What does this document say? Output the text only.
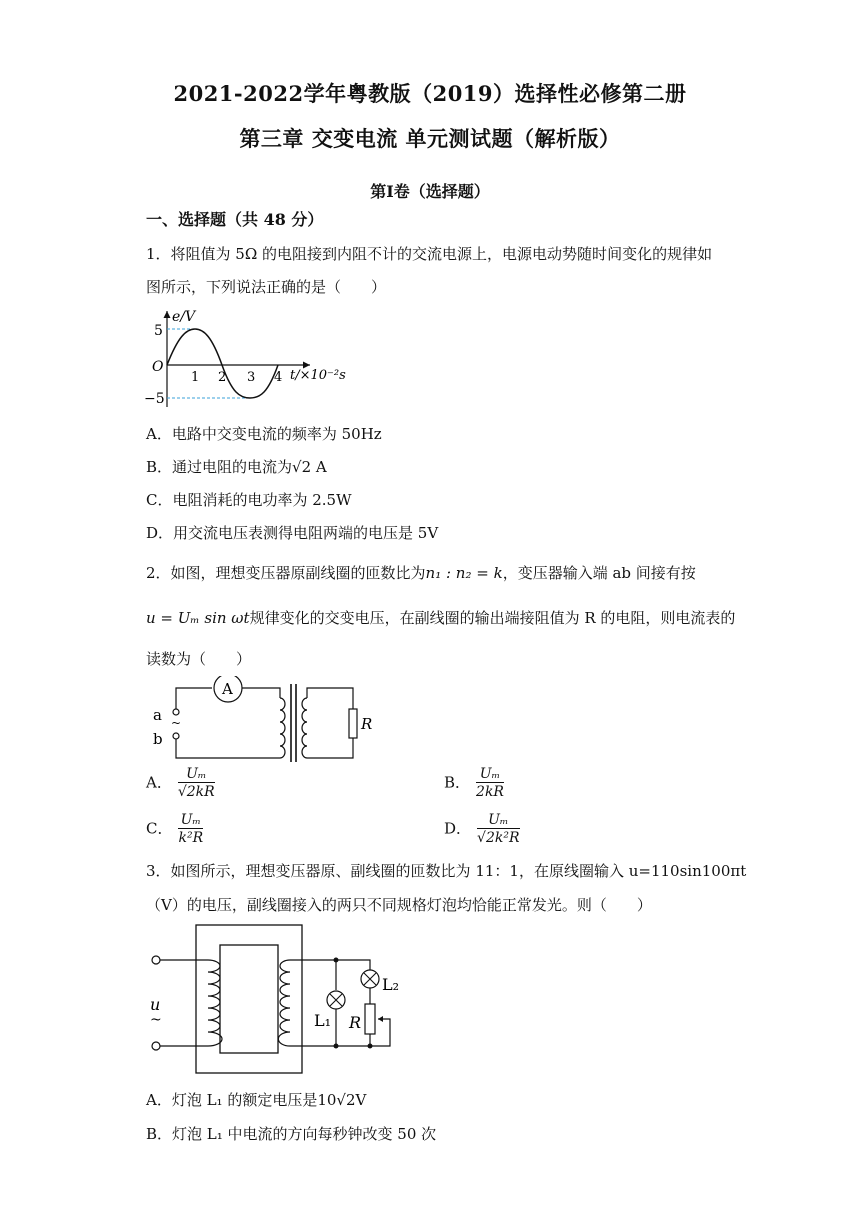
2021-2022学年粤教版（2019）选择性必修第二册
第三章 交变电流 单元测试题（解析版）
第Ⅰ卷（选择题）
一、选择题（共 48 分）
1．将阻值为 5Ω 的电阻接到内阻不计的交流电源上，电源电动势随时间变化的规律如
图所示，下列说法正确的是（　　）
e/V
5
−5
O
1 2 3 4 t/×10⁻²s
A．电路中交变电流的频率为 50Hz
B．通过电阻的电流为√2 A
C．电阻消耗的电功率为 2.5W
D．用交流电压表测得电阻两端的电压是 5V
2．如图，理想变压器原副线圈的匝数比为n₁ : n₂ = k，变压器输入端 ab 间接有按
u = Uₘ sin ωt规律变化的交变电压，在副线圈的输出端接阻值为 R 的电阻，则电流表的
读数为（　　）
A
R
~
a
b
A． $\frac{\text{Uₘ}}{√2kR}$	B． $\frac{\text{Uₘ}}{2kR}$
C． $\frac{\text{Uₘ}}{\text{k²R}}$	D． $\frac{\text{Uₘ}}{\text{√2k²R}}$
3．如图所示，理想变压器原、副线圈的匝数比为 11：1，在原线圈输入 u=110sin100πt
（V）的电压，副线圈接入的两只不同规格灯泡均恰能正常发光。则（　　）
u
~	L₁
L₂
R
A．灯泡 L₁ 的额定电压是10√2V
B．灯泡 L₁ 中电流的方向每秒钟改变 50 次
